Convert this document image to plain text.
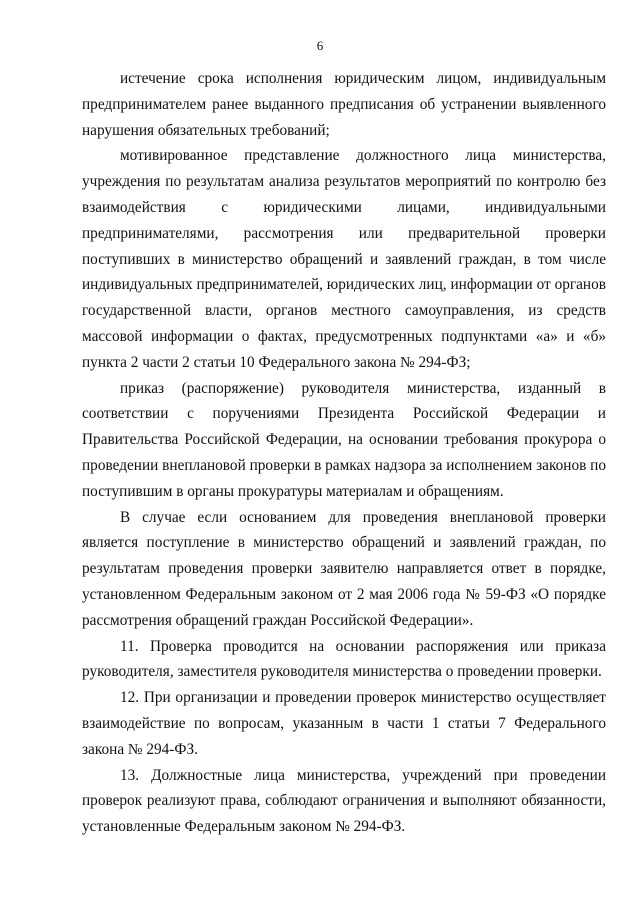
6

истечение срока исполнения юридическим лицом, индивидуальным предпринимателем ранее выданного предписания об устранении выявленного нарушения обязательных требований;

мотивированное представление должностного лица министерства, учреждения по результатам анализа результатов мероприятий по контролю без взаимодействия с юридическими лицами, индивидуальными предпринимателями, рассмотрения или предварительной проверки поступивших в министерство обращений и заявлений граждан, в том числе индивидуальных предпринимателей, юридических лиц, информации от органов государственной власти, органов местного самоуправления, из средств массовой информации о фактах, предусмотренных подпунктами «а» и «б» пункта 2 части 2 статьи 10 Федерального закона № 294-ФЗ;

приказ (распоряжение) руководителя министерства, изданный в соответствии с поручениями Президента Российской Федерации и Правительства Российской Федерации, на основании требования прокурора о проведении внеплановой проверки в рамках надзора за исполнением законов по поступившим в органы прокуратуры материалам и обращениям.

В случае если основанием для проведения внеплановой проверки является поступление в министерство обращений и заявлений граждан, по результатам проведения проверки заявителю направляется ответ в порядке, установленном Федеральным законом от 2 мая 2006 года № 59-ФЗ «О порядке рассмотрения обращений граждан Российской Федерации».

11. Проверка проводится на основании распоряжения или приказа руководителя, заместителя руководителя министерства о проведении проверки.

12. При организации и проведении проверок министерство осуществляет взаимодействие по вопросам, указанным в части 1 статьи 7 Федерального закона № 294-ФЗ.

13. Должностные лица министерства, учреждений при проведении проверок реализуют права, соблюдают ограничения и выполняют обязанности, установленные Федеральным законом № 294-ФЗ.
